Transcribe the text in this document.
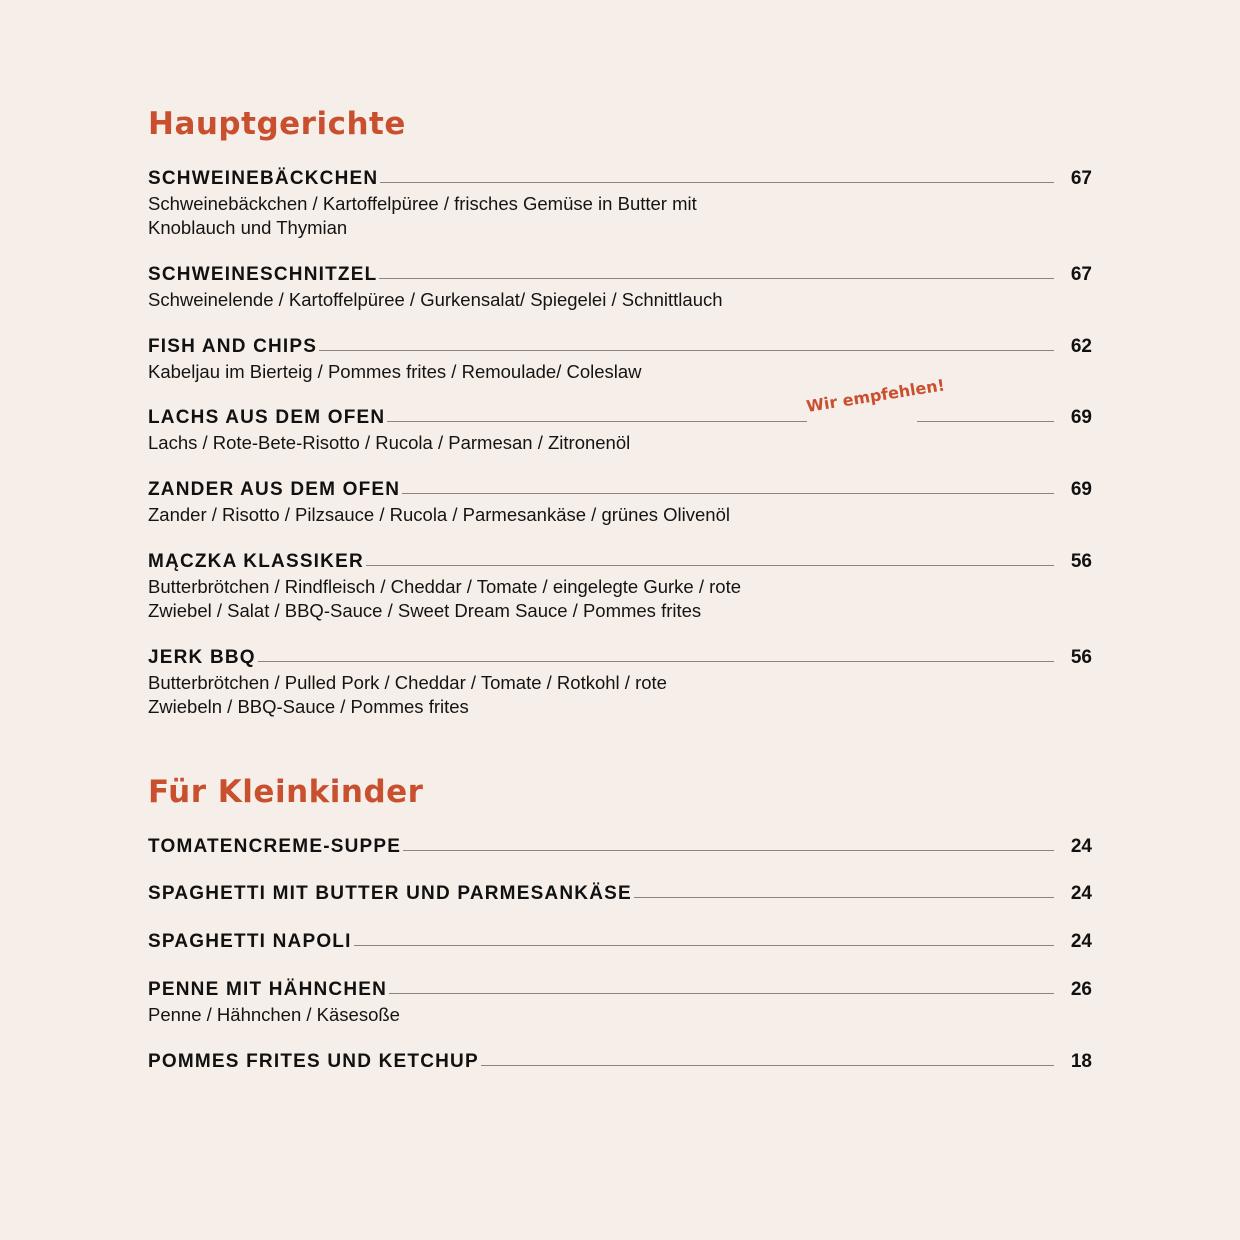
Hauptgerichte
SCHWEINEBÄCKCHEN	67
Schweinebäckchen / Kartoffelpüree / frisches Gemüse in Butter mit Knoblauch und Thymian
SCHWEINESCHNITZEL	67
Schweinelende / Kartoffelpüree / Gurkensalat/ Spiegelei / Schnittlauch
FISH AND CHIPS	62
Kabeljau im Bierteig / Pommes frites / Remoulade/ Coleslaw
LACHS AUS DEM OFEN	69
Lachs / Rote-Bete-Risotto / Rucola / Parmesan / Zitronenöl
Wir empfehlen!
ZANDER AUS DEM OFEN	69
Zander / Risotto / Pilzsauce / Rucola / Parmesankäse / grünes Olivenöl
MĄCZKA KLASSIKER	56
Butterbrötchen / Rindfleisch / Cheddar / Tomate / eingelegte Gurke / rote Zwiebel / Salat / BBQ-Sauce / Sweet Dream Sauce / Pommes frites
JERK BBQ	56
Butterbrötchen / Pulled Pork / Cheddar / Tomate / Rotkohl / rote Zwiebeln / BBQ-Sauce / Pommes frites
Für Kleinkinder
TOMATENCREME-SUPPE	24
SPAGHETTI MIT BUTTER UND PARMESANKÄSE	24
SPAGHETTI NAPOLI	24
PENNE MIT HÄHNCHEN	26
Penne / Hähnchen / Käsesoße
POMMES FRITES UND KETCHUP	18
